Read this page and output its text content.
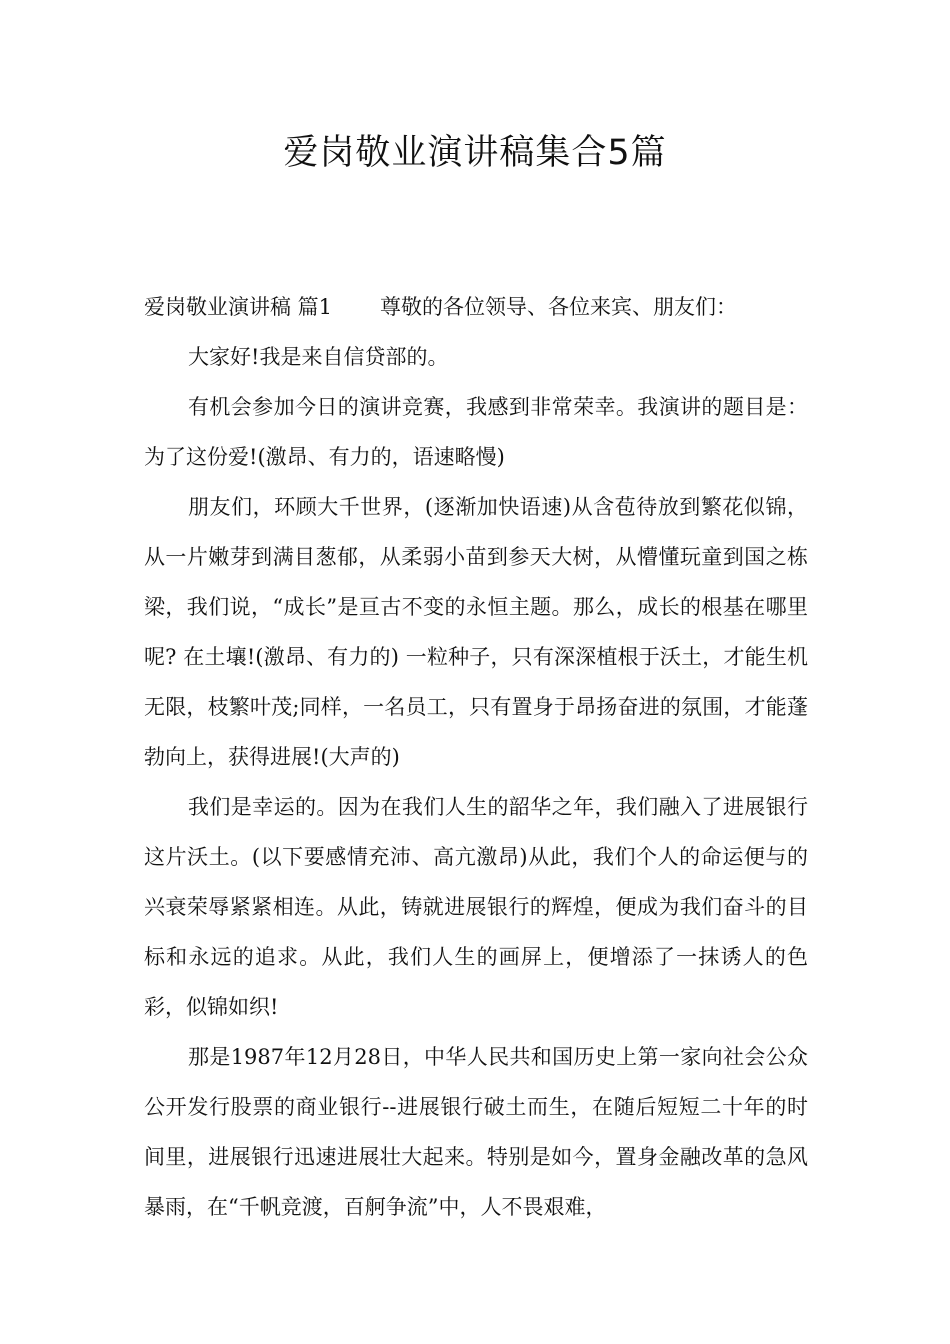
爱岗敬业演讲稿集合5篇

爱岗敬业演讲稿 篇1 尊敬的各位领导、各位来宾、朋友们：

大家好!我是来自信贷部的。

有机会参加今日的演讲竞赛，我感到非常荣幸。我演讲的题目是：为了这份爱!(激昂、有力的，语速略慢)

朋友们，环顾大千世界，(逐渐加快语速)从含苞待放到繁花似锦，从一片嫩芽到满目葱郁，从柔弱小苗到参天大树，从懵懂玩童到国之栋梁，我们说，“成长”是亘古不变的永恒主题。那么，成长的根基在哪里呢? 在土壤!(激昂、有力的) 一粒种子，只有深深植根于沃土，才能生机无限，枝繁叶茂;同样，一名员工，只有置身于昂扬奋进的氛围，才能蓬勃向上，获得进展!(大声的)

我们是幸运的。因为在我们人生的韶华之年，我们融入了进展银行这片沃土。(以下要感情充沛、高亢激昂)从此，我们个人的命运便与的兴衰荣辱紧紧相连。从此，铸就进展银行的辉煌，便成为我们奋斗的目标和永远的追求。从此，我们人生的画屏上，便增添了一抹诱人的色彩，似锦如织!

那是1987年12月28日，中华人民共和国历史上第一家向社会公众公开发行股票的商业银行--进展银行破土而生，在随后短短二十年的时间里，进展银行迅速进展壮大起来。特别是如今，置身金融改革的急风暴雨，在“千帆竞渡，百舸争流”中，人不畏艰难，
